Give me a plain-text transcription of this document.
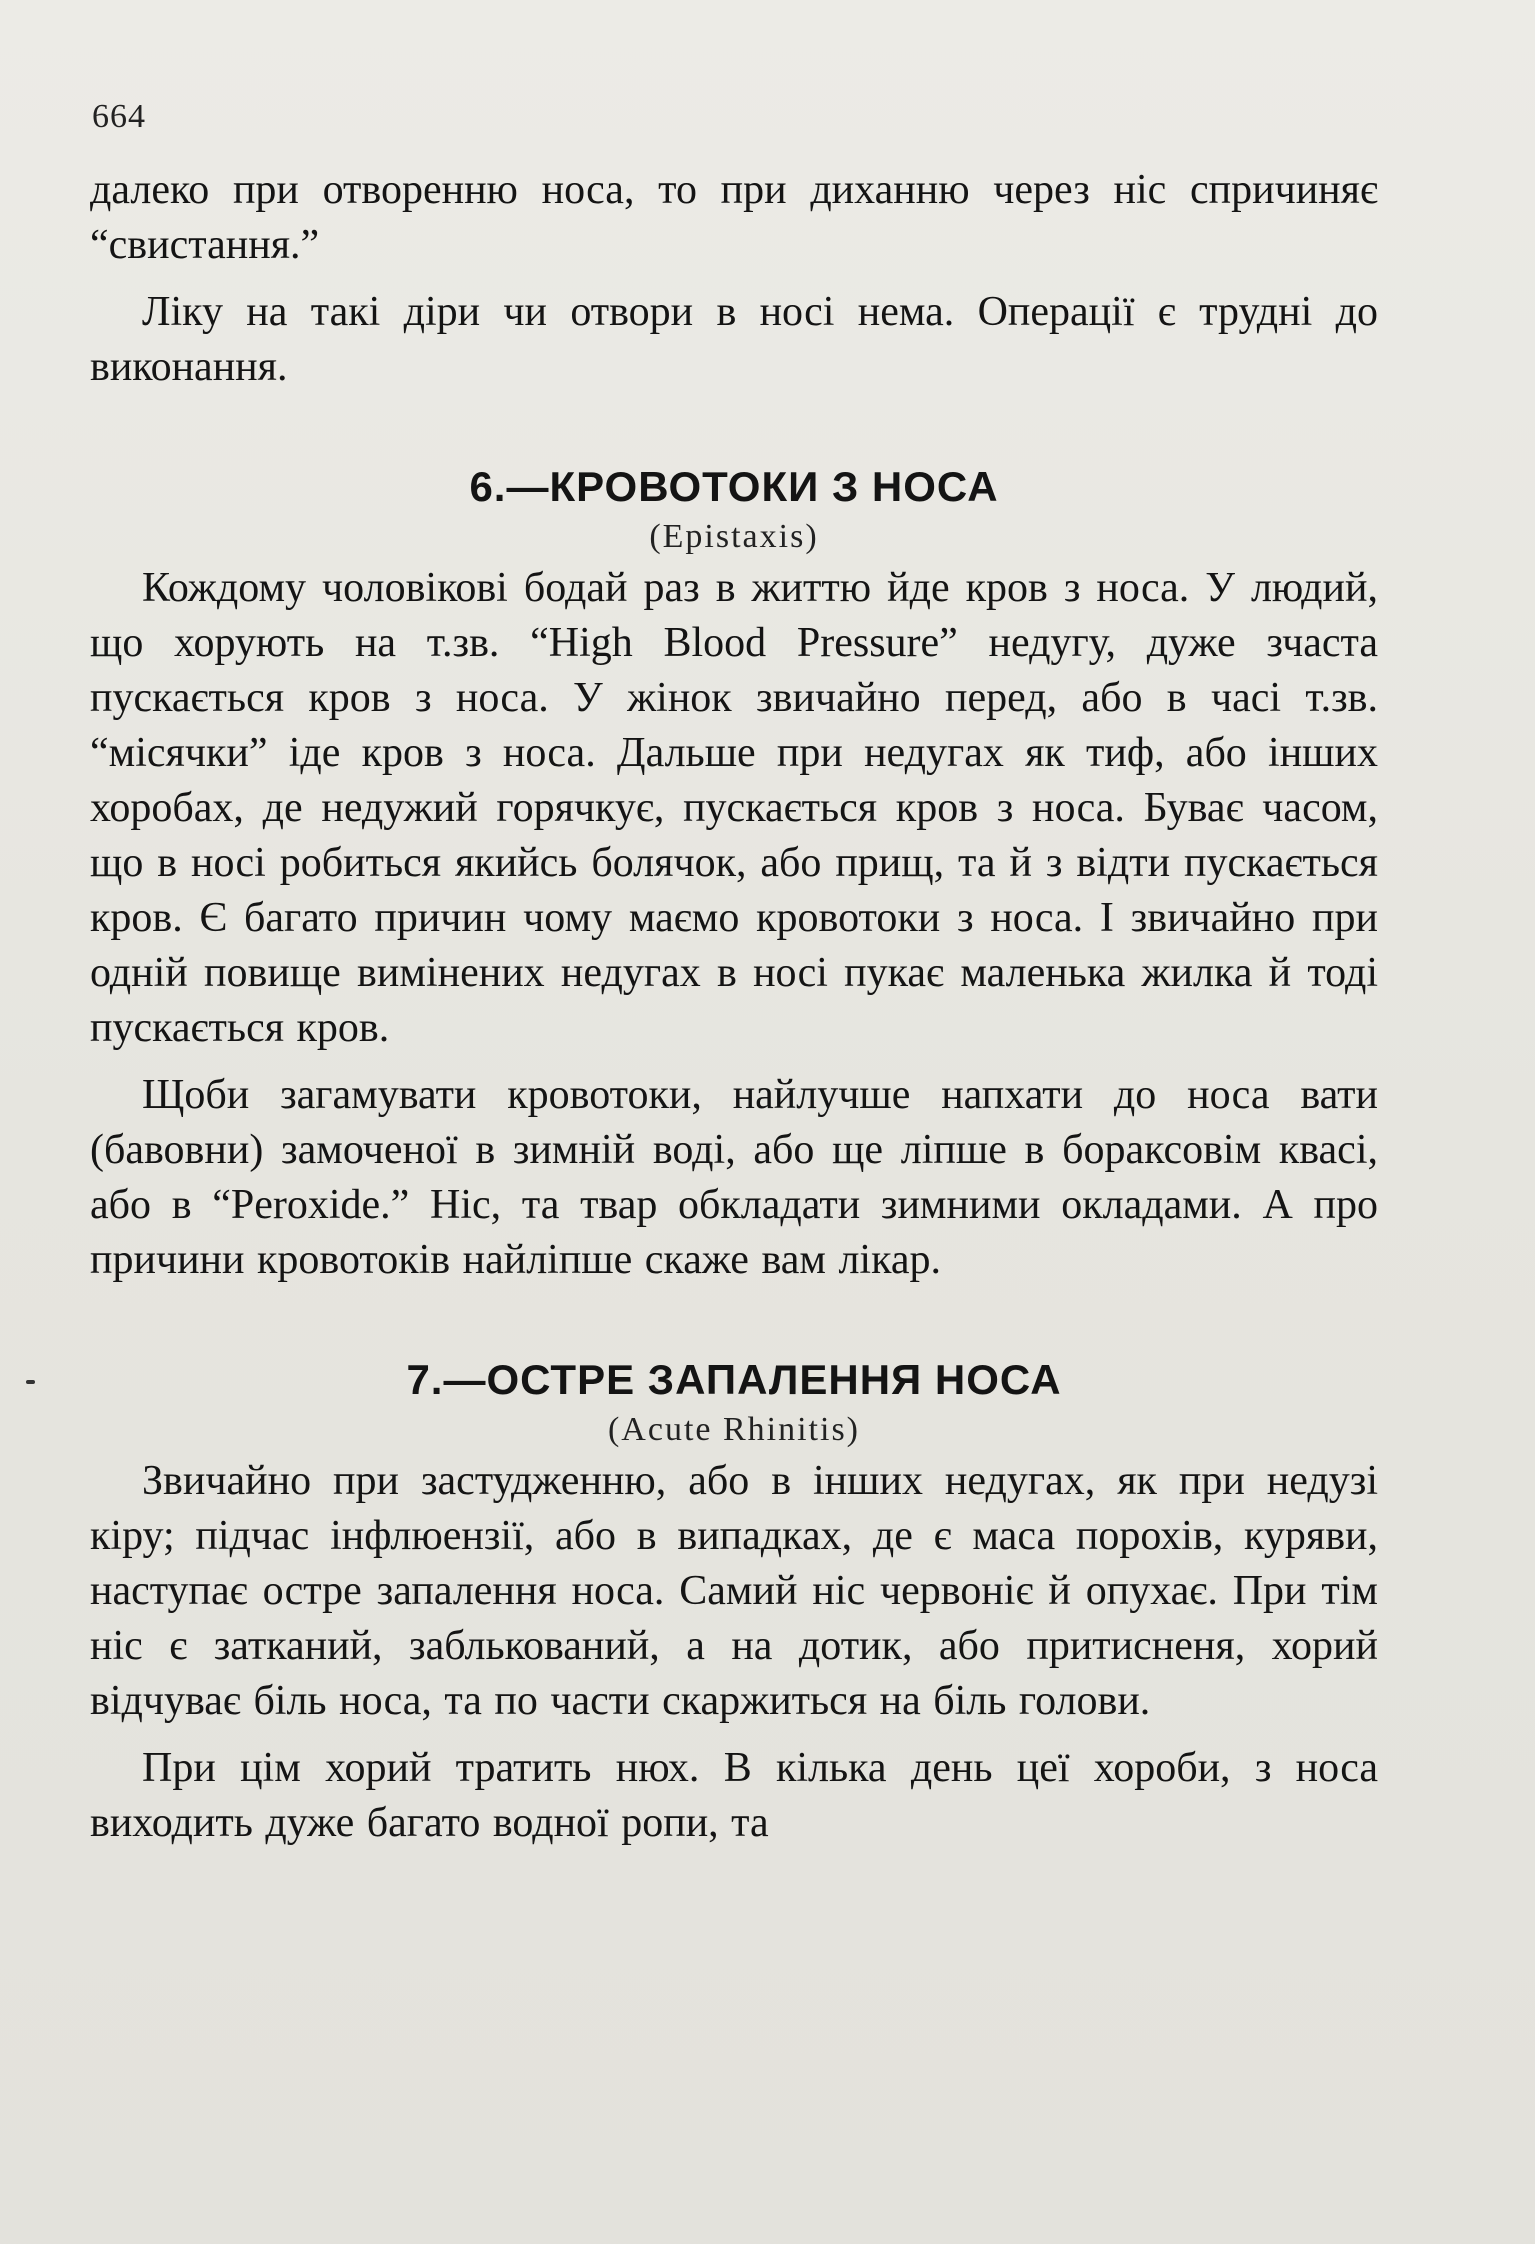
664

далеко при отворенню носа, то при диханню через ніс спричиняє “свистання.”

Ліку на такі діри чи отвори в носі нема. Операції є трудні до виконання.

6.—КРОВОТОКИ З НОСА
(Epistaxis)

Кождому чоловікові бодай раз в життю йде кров з носа. У людий, що хорують на т.зв. “High Blood Pressure” недугу, дуже зчаста пускається кров з носа. У жінок звичайно перед, або в часі т.зв. “місячки” іде кров з носа. Дальше при недугах як тиф, або інших хоробах, де недужий горячкує, пускається кров з носа. Буває часом, що в носі робиться якийсь болячок, або прищ, та й з відти пускається кров. Є багато причин чому маємо кровотоки з носа. І звичайно при одній повище вимінених недугах в носі пукає маленька жилка й тоді пускається кров.

Щоби загамувати кровотоки, найлучше напхати до носа вати (бавовни) замоченої в зимній воді, або ще ліпше в бораксовім квасі, або в “Peroxide.” Ніс, та твар обкладати зимними окладами. А про причини кровотоків найліпше скаже вам лікар.

7.—ОСТРЕ ЗАПАЛЕННЯ НОСА
(Acute Rhinitis)

Звичайно при застудженню, або в інших недугах, як при недузі кіру; підчас інфлюензії, або в випадках, де є маса порохів, куряви, наступає остре запалення носа. Самий ніс червоніє й опухає. При тім ніс є затканий, заблькований, а на дотик, або притисненя, хорий відчуває біль носа, та по части скаржиться на біль голови.

При цім хорий тратить нюх. В кілька день цеї хороби, з носа виходить дуже багато водної ропи, та
